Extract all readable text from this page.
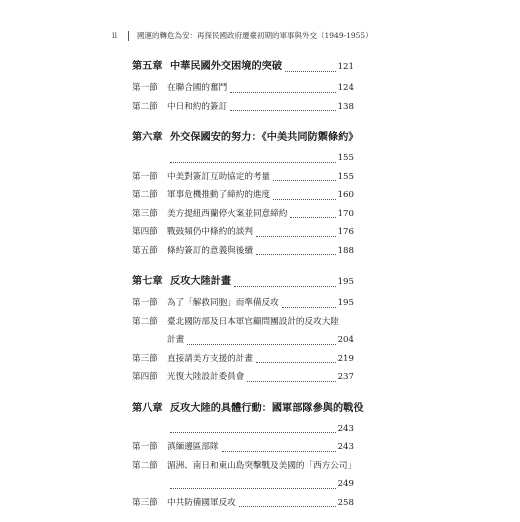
ii	國運的轉危為安：再探民國政府遷臺初期的軍事與外交（1949-1955）
第五章 中華民國外交困境的突破	121
第一節	在聯合國的奮鬥	124
第二節	中日和約的簽訂	138
第六章 外交保國安的努力：《中美共同防禦條約》
155
第一節	中美對簽訂互助協定的考量	155
第二節	軍事危機推動了締約的進度	160
第三節	美方提紐西蘭停火案並同意締約	170
第四節	戰鼓頻仍中條約的談判	176
第五節	條約簽訂的意義與後續	188
第七章 反攻大陸計畫	195
第一節	為了「解救同胞」而準備反攻	195
第二節	臺北國防部及日本軍官顧問團設計的反攻大陸
計畫	204
第三節	直接請美方支援的計畫	219
第四節	光復大陸設計委員會	237
第八章 反攻大陸的具體行動：國軍部隊參與的戰役
243
第一節	滇緬邊區部隊	243
第二節	湄洲、南日和東山島突擊戰及美國的「西方公司」
249
第三節	中共防備國軍反攻	258
